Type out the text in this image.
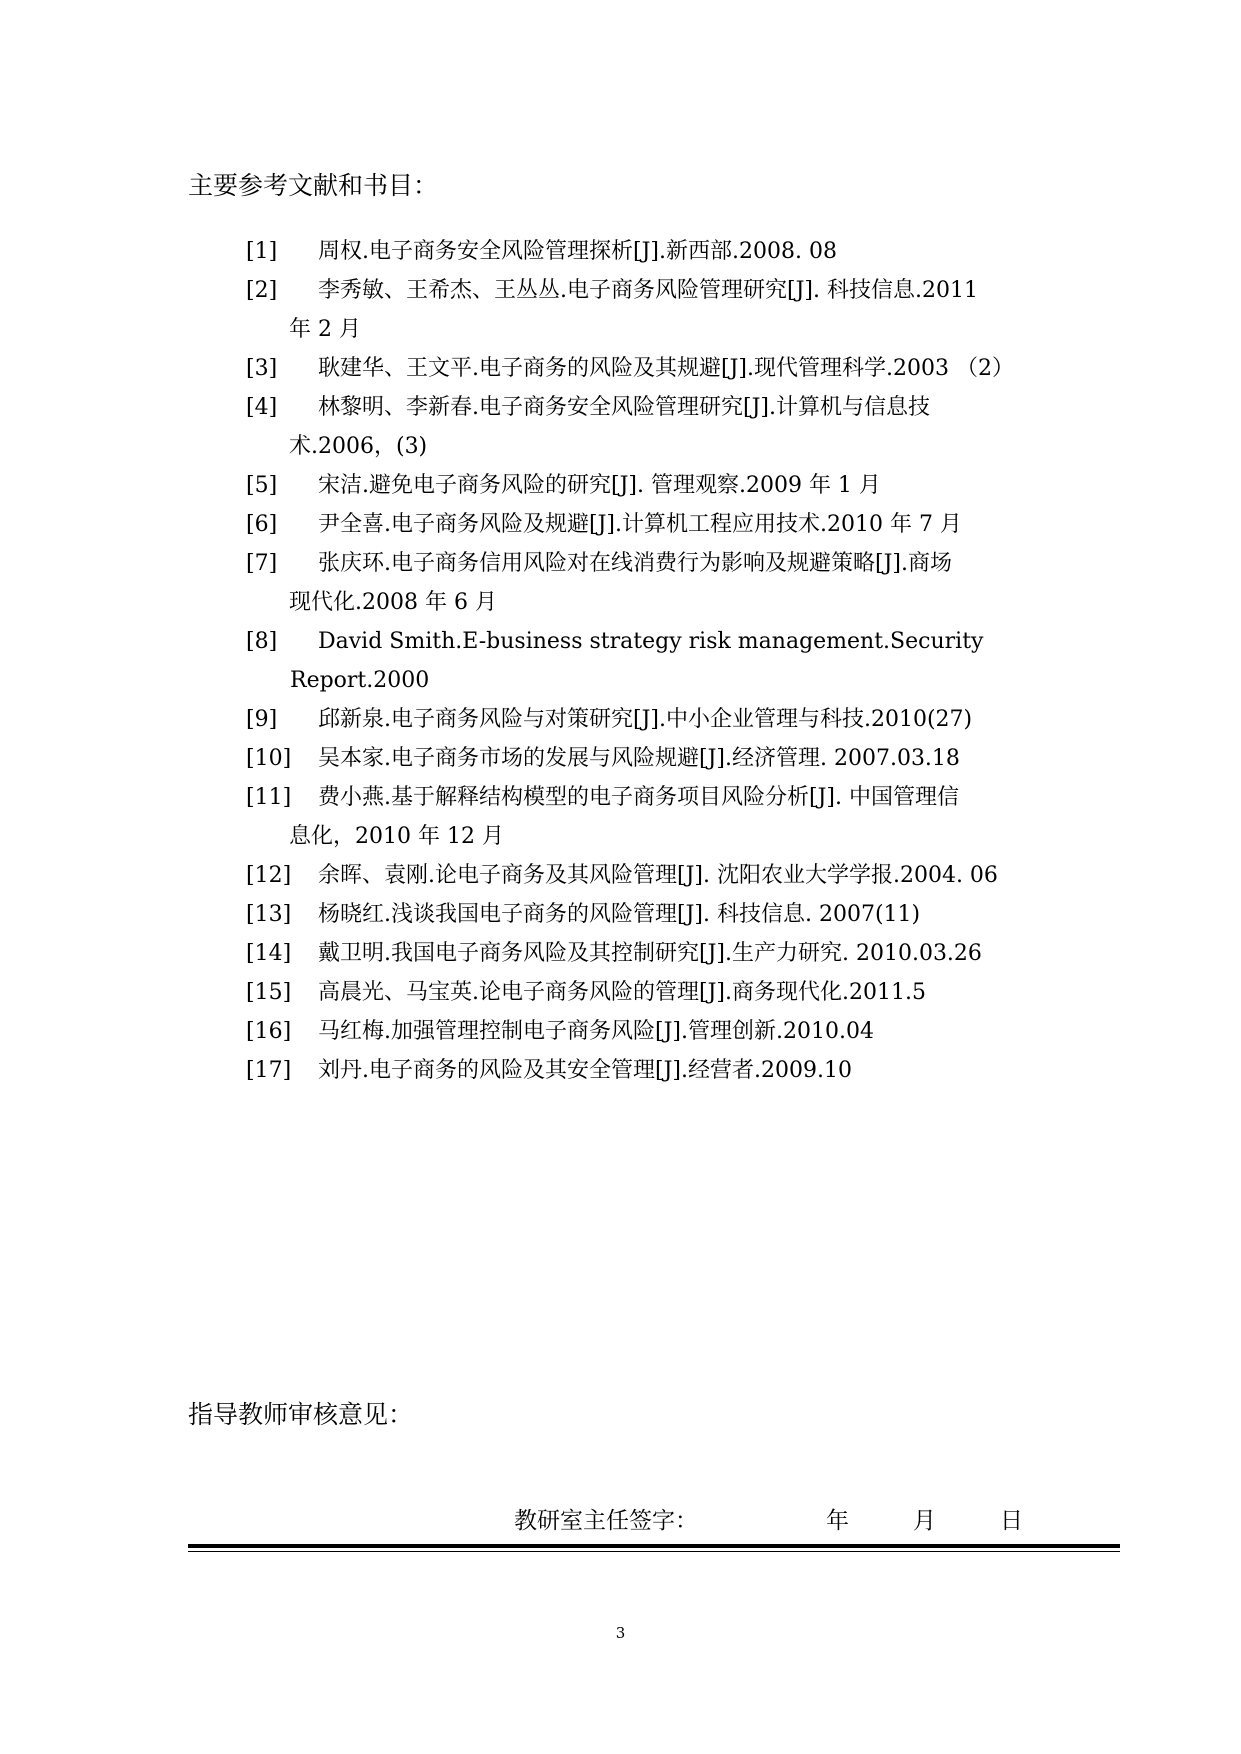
主要参考文献和书目：
[1]	周权.电子商务安全风险管理探析[J].新西部.2008. 08
[2]	李秀敏、王希杰、王丛丛.电子商务风险管理研究[J]. 科技信息.2011
年 2 月
[3]	耿建华、王文平.电子商务的风险及其规避[J].现代管理科学.2003 （2）
[4]	林黎明、李新春.电子商务安全风险管理研究[J].计算机与信息技
术.2006，(3)
[5]	宋洁.避免电子商务风险的研究[J]. 管理观察.2009 年 1 月
[6]	尹全喜.电子商务风险及规避[J].计算机工程应用技术.2010 年 7 月
[7]	张庆环.电子商务信用风险对在线消费行为影响及规避策略[J].商场
现代化.2008 年 6 月
[8]	David Smith.E-business strategy risk management.Security Report.2000
[9]	邱新泉.电子商务风险与对策研究[J].中小企业管理与科技.2010(27)
[10]	吴本家.电子商务市场的发展与风险规避[J].经济管理. 2007.03.18
[11]	费小燕.基于解释结构模型的电子商务项目风险分析[J]. 中国管理信
息化，2010 年 12 月
[12]	余晖、袁刚.论电子商务及其风险管理[J]. 沈阳农业大学学报.2004. 06
[13]	杨晓红.浅谈我国电子商务的风险管理[J]. 科技信息. 2007(11)
[14]	戴卫明.我国电子商务风险及其控制研究[J].生产力研究. 2010.03.26
[15]	高晨光、马宝英.论电子商务风险的管理[J].商务现代化.2011.5
[16]	马红梅.加强管理控制电子商务风险[J].管理创新.2010.04
[17]	刘丹.电子商务的风险及其安全管理[J].经营者.2009.10
指导教师审核意见：
教研室主任签字：	年	月	日
3
